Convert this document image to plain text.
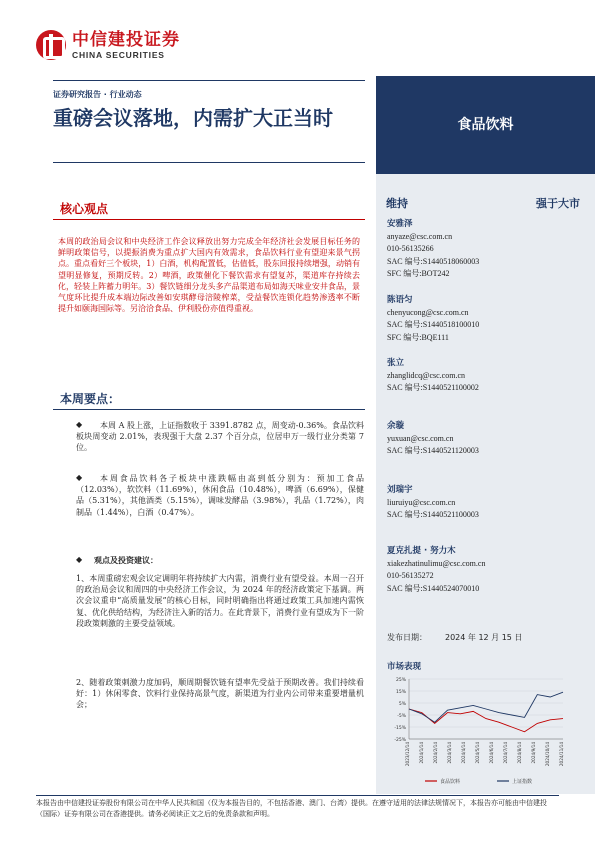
中信建投证券
CHINA SECURITIES
证券研究报告 · 行业动态
重磅会议落地，内需扩大正当时	食品饮料
核心观点
本周的政治局会议和中央经济工作会议释放出努力完成全年经济社会发展目标任务的鲜明政策信号，以提振消费为重点扩大国内有效需求，食品饮料行业有望迎来景气拐点。重点看好三个板块，1）白酒，机构配置低，估值低，股东回报持续增强，动销有望明显修复，预期反转。2）啤酒，政策催化下餐饮需求有望复苏，渠道库存持续去化，轻装上阵蓄力明年。3）餐饮链细分龙头多产品渠道布局如海天味业安井食品，景气度环比提升成本端边际改善如安琪酵母涪陵榨菜，受益餐饮连锁化趋势渗透率不断提升如颐海国际等。另洽洽食品、伊利股份亦值得重视。
本周要点：
◆	本周 A 股上涨，上证指数收于 3391.8782 点，周变动-0.36%。食品饮料板块周变动 2.01%，表现强于大盘 2.37 个百分点，位居申万一级行业分类第 7 位。
◆	本周食品饮料各子板块中涨跌幅由高到低分别为：预加工食品（12.03%），软饮料（11.69%），休闲食品（10.48%），啤酒（6.69%），保健品（5.31%），其他酒类（5.15%），调味发酵品（3.98%），乳品（1.72%），肉制品（1.44%），白酒（0.47%）。
◆ 观点及投资建议：
1、本周重磅宏观会议定调明年将持续扩大内需，消费行业有望受益。本周一召开的政治局会议和周四的中央经济工作会议，为 2024 年的经济政策定下基调。两次会议重申“高质量发展”的核心目标，同时明确指出将通过政策工具加速内需恢复、优化供给结构，为经济注入新的活力。在此背景下，消费行业有望成为下一阶段政策刺激的主要受益领域。
2、随着政策刺激力度加码，顺周期餐饮链有望率先受益于预期改善。我们持续看好：1）休闲零食、饮料行业保持高景气度，新渠道为行业内公司带来重要增量机会；
维持	强于大市
安雅泽
anyaze@csc.com.cn
010-56135266
SAC 编号:S1440518060003
SFC 编号:BOT242
陈语匀
chenyucong@csc.com.cn
SAC 编号:S1440518100010
SFC 编号:BQE111
张立
zhanglidcq@csc.com.cn
SAC 编号:S1440521100002
余璇
yuxuan@csc.com.cn
SAC 编号:S1440521120003
刘瑞宇
liuruiyu@csc.com.cn
SAC 编号:S1440521100003
夏克扎提 · 努力木
xiakezhatinulimu@csc.com.cn
010-56135272
SAC 编号:S1440524070010
发布日期： 2024 年 12 月 15 日
市场表现
25%
15%
5%
-5%
-15%
-25%
2023/12/14 2024/1/14 2024/2/14 2024/3/14 2024/4/14 2024/5/14 2024/6/14 2024/7/14 2024/8/14 2024/9/14 2024/10/14 2024/11/14
食品饮料	上证指数
本报告由中信建投证券股份有限公司在中华人民共和国（仅为本报告目的，不包括香港、澳门、台湾）提供。在遵守适用的法律法规情况下，本报告亦可能由中信建投（国际）证券有限公司在香港提供。请务必阅读正文之后的免责条款和声明。
